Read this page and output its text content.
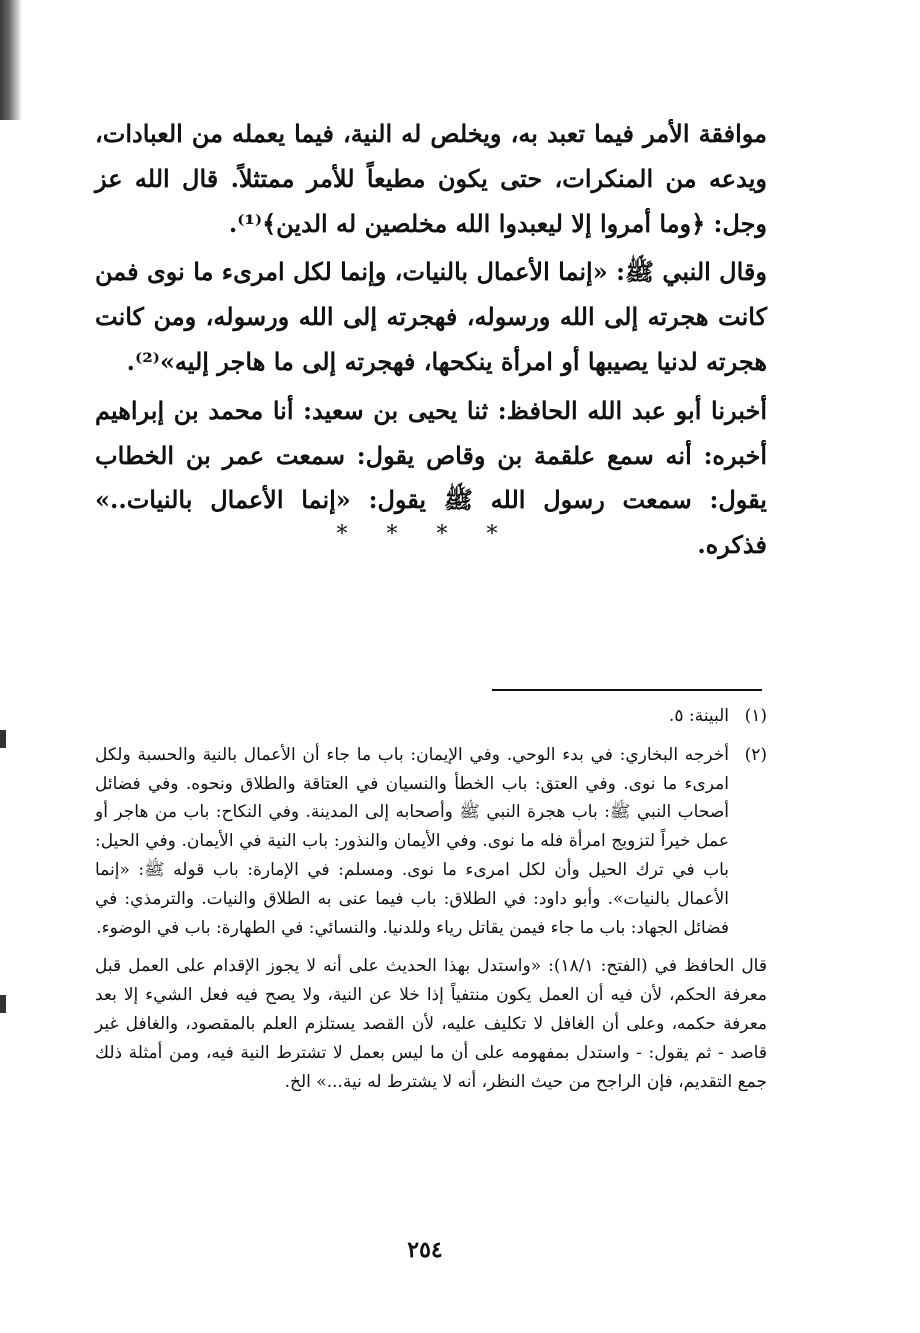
موافقة الأمر فيما تعبد به، ويخلص له النية، فيما يعمله من العبادات، ويدعه من المنكرات، حتى يكون مطيعاً للأمر ممتثلاً. قال الله عز وجل: ﴿وما أمروا إلا ليعبدوا الله مخلصين له الدين﴾⁽¹⁾.

وقال النبي ﷺ: «إنما الأعمال بالنيات، وإنما لكل امرىء ما نوى فمن كانت هجرته إلى الله ورسوله، فهجرته إلى الله ورسوله، ومن كانت هجرته لدنيا يصيبها أو امرأة ينكحها، فهجرته إلى ما هاجر إليه»⁽²⁾.

أخبرنا أبو عبد الله الحافظ: ثنا يحيى بن سعيد: أنا محمد بن إبراهيم أخبره: أنه سمع علقمة بن وقاص يقول: سمعت عمر بن الخطاب يقول: سمعت رسول الله ﷺ يقول: «إنما الأعمال بالنيات..» فذكره.

* * * *
(١)
البينة: ٥.
(٢)
أخرجه البخاري: في بدء الوحي. وفي الإيمان: باب ما جاء أن الأعمال بالنية والحسبة ولكل امرىء ما نوى. وفي العتق: باب الخطأ والنسيان في العتاقة والطلاق ونحوه. وفي فضائل أصحاب النبي ﷺ: باب هجرة النبي ﷺ وأصحابه إلى المدينة. وفي النكاح: باب من هاجر أو عمل خيراً لتزويج امرأة فله ما نوى. وفي الأيمان والنذور: باب النية في الأيمان. وفي الحيل: باب في ترك الحيل وأن لكل امرىء ما نوى. ومسلم: في الإمارة: باب قوله ﷺ: «إنما الأعمال بالنيات». وأبو داود: في الطلاق: باب فيما عنى به الطلاق والنيات. والترمذي: في فضائل الجهاد: باب ما جاء فيمن يقاتل رياء وللدنيا. والنسائي: في الطهارة: باب في الوضوء.
قال الحافظ في (الفتح: ١٨/١): «واستدل بهذا الحديث على أنه لا يجوز الإقدام على العمل قبل معرفة الحكم، لأن فيه أن العمل يكون منتفياً إذا خلا عن النية، ولا يصح فيه فعل الشيء إلا بعد معرفة حكمه، وعلى أن الغافل لا تكليف عليه، لأن القصد يستلزم العلم بالمقصود، والغافل غير قاصد - ثم يقول: - واستدل بمفهومه على أن ما ليس بعمل لا تشترط النية فيه، ومن أمثلة ذلك جمع التقديم، فإن الراجح من حيث النظر، أنه لا يشترط له نية...» الخ.
٢٥٤
